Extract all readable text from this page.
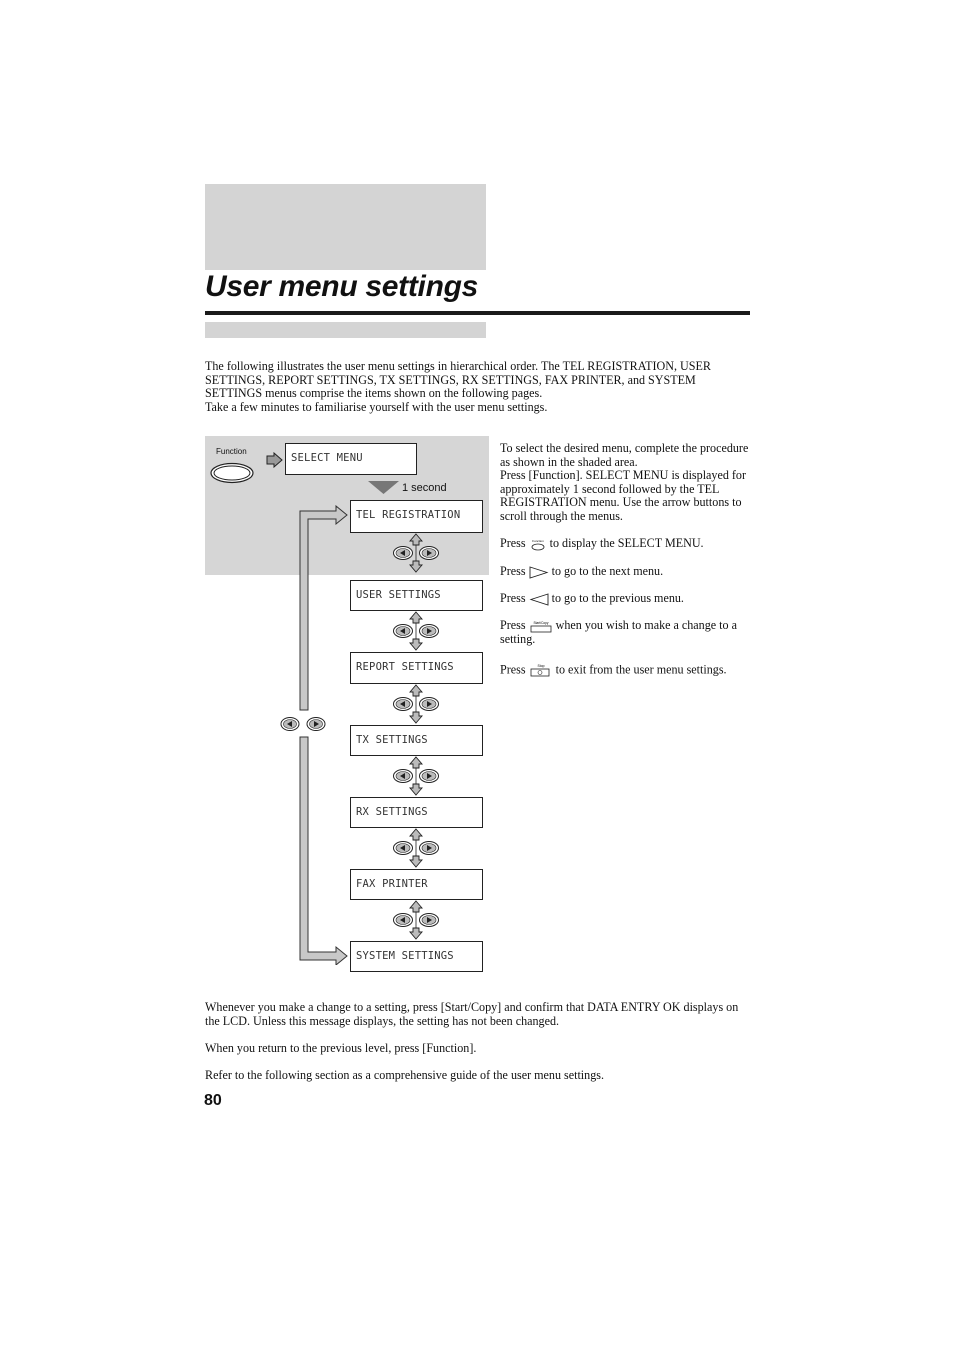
User menu settings
The following illustrates the user menu settings in hierarchical order. The TEL REGISTRATION, USER SETTINGS, REPORT SETTINGS, TX SETTINGS, RX SETTINGS, FAX PRINTER, and SYSTEM SETTINGS menus comprise the items shown on the following pages.
Take a few minutes to familiarise yourself with the user menu settings.
Function
SELECT MENU
1 second
TEL REGISTRATION
USER SETTINGS
REPORT SETTINGS
TX SETTINGS
RX SETTINGS
FAX PRINTER
SYSTEM SETTINGS
To select the desired menu, complete the procedure as shown in the shaded area.
Press [Function]. SELECT MENU is displayed for approximately 1 second followed by the TEL REGISTRATION menu. Use the arrow buttons to scroll through the menus.
Press Function to display the SELECT MENU.
Press to go to the next menu.
Press to go to the previous menu.
Press Start/Copy when you wish to make a change to a setting.
Press	Stop to exit from the user menu settings.
Whenever you make a change to a setting, press [Start/Copy] and confirm that DATA ENTRY OK displays on the LCD. Unless this message displays, the setting has not been changed.
When you return to the previous level, press [Function].
Refer to the following section as a comprehensive guide of the user menu settings.
80
